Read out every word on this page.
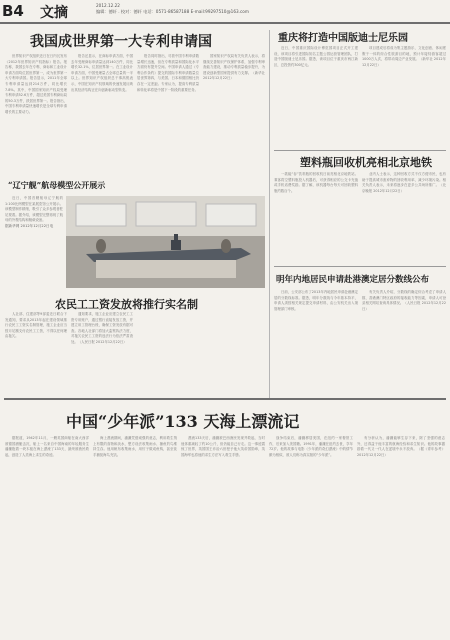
B4 文摘	2012.12.22
编辑：德轩 . 校对：德轩 电话：0571-86587188 E-mail:99297510@163.com
我国成世界第一大专利申请国
世界知识产权组织近日在日内瓦发布《2012年世界知识产权指标》报告。报告称，我国去年在专利、商标和工业设计申请方面均位居世界第一，成为世界第一大专利申请国。报告显示，2011年全球专利申请量达到214万件，同比增长7.8%。其中，中国国家知识产权局受理专利申请52.6万件，超过美国专利商标局的50.3万件，跃居世界第一。报告指出，中国专利申请量快速增长是全球专利申请增长的主要动力。
报告还显示，在商标申请方面，中国去年受理商标申请量达到140万件，同比增长32.1%，位居世界第一。在工业设计申请方面，中国受理量占全球总量的一半以上。世界知识产权组织总干事高锐表示，中国在知识产权领域的快速发展反映出其经济结构正在向创新驱动型转变。
报告同时指出，尽管中国专利申请数量增长迅速，但在专利质量和国际化水平方面仍有提升空间。中国申请人通过《专利合作条约》提交的国际专利申请数量位居世界第四，与美国、日本和德国相比仍存在一定差距。专家认为，提高专利质量和转化率将是中国下一阶段的重要任务。
国家知识产权局有关负责人表示，将继续完善知识产权保护体系，加强专利审查能力建设，推动专利质量稳步提升，为建设创新型国家提供有力支撑。（新华社 2012年12月22日）
“辽宁舰”航母模型公开展示
近日，中国首艘航母辽宁舰的1:100比例模型在某展览馆公开展示。该模型制作精细，吸引了众多参观者驻足观看。据介绍，该模型完整再现了航母的外观结构和舰载设备。
据新华网 2012年12月22日电
农民工工资发放将推行实名制
人社部、住建部等9部委近日联合下发通知，要求从2013年起在建设领域推行农民工工资实名制管理，施工企业应当按月足额支付农民工工资，不得以任何理由拖欠。
通知要求，施工企业应建立农民工工资专用账户，通过银行直接发放工资，并建立用工管理台账，确保工资发放有据可查。各地人社部门将加大监察执法力度，对拖欠农民工工资的违法行为依法严肃查处。（人民日报 2012年12月22日）
重庆将打造中国版迪士尼乐园
近日，中国重庆国际设计博览园项目正式开工建设，该项目将引进国际知名主题公园运营管理团队，打造中国版迪士尼乐园。据悉，该项目位于重庆市两江新区，总投资约300亿元。
项目建成后将成为集主题游乐、文化创意、休闲度假于一体的综合性旅游目的地，预计年接待游客超过1000万人次，将带动周边产业发展。（新华社 2012年12月22日）
塑料瓶回收机亮相北京地铁
一款能“吞”饮料瓶的回收机日前亮相北京地铁站。乘客将空塑料瓶投入机器后，可获得相应的公交卡充值或手机话费奖励。据了解，该机器每台每天可回收塑料瓶约数百个。
业内人士表示，这种回收方式不仅方便市民，也有助于提高城市废弃物的回收利用率，减少环境污染。相关负责人表示，未来将逐步在更多公共场所推广。（北京晚报 2012年12月22日）
明年内地居民申请赴港澳定居分数线公布
日前，公安部公布了2013年内地居民申请赴港澳定居的分数线标准。据悉，明年分数线与今年基本持平，申请人须按相关规定提交申请材料，由公安机关出入境管理部门审核。
有关负责人介绍，分数线的确定综合考虑了申请人数、香港澳门特区政府的接收能力等因素，申请人可登录相关网站查询具体情况。（人民日报 2012年12月22日）
中国“少年派”133 天海上漂流记
据报道，1942年11月，一艘英国商船在南大西洋被德国潜艇击沉，船上一名来自中国海南的年轻服务生潘濂抱着一块木板在海上漂流了133天，最终被渔民救起，创造了人类海上求生的奇迹。
海上漂流期间，潘濂凭借顽强的意志，利用救生筏上有限的食物和淡水，想方设法收集雨水、捕鱼钓鸟维持生存。他用帆布收集雨水，用钉子做成鱼钩，甚至徒手捕捉海鸟充饥。
漂流133天后，潘濂被巴西渔民发现并救起，当时他体重减轻了约10公斤，但仍能自己行走。这一事迹震惊了世界，英国国王乔治六世授予他大英帝国勋章，英国海军也将他的求生方法写入救生手册。
战争结束后，潘濂移居美国，在纽约一家餐馆工作，后来加入美国籍。1991年，潘濂在纽约去世，享年72岁。他的故事与电影《少年派的奇幻漂流》中的情节颇为相似，被人们称为真实版的“少年派”。
有分析认为，潘濂能够生存下来，除了坚强的意志外，还得益于他丰富的航海经验和求生知识。他的故事激励着一代又一代人在逆境中永不放弃。（据《青年参考》2012年12月22日）
